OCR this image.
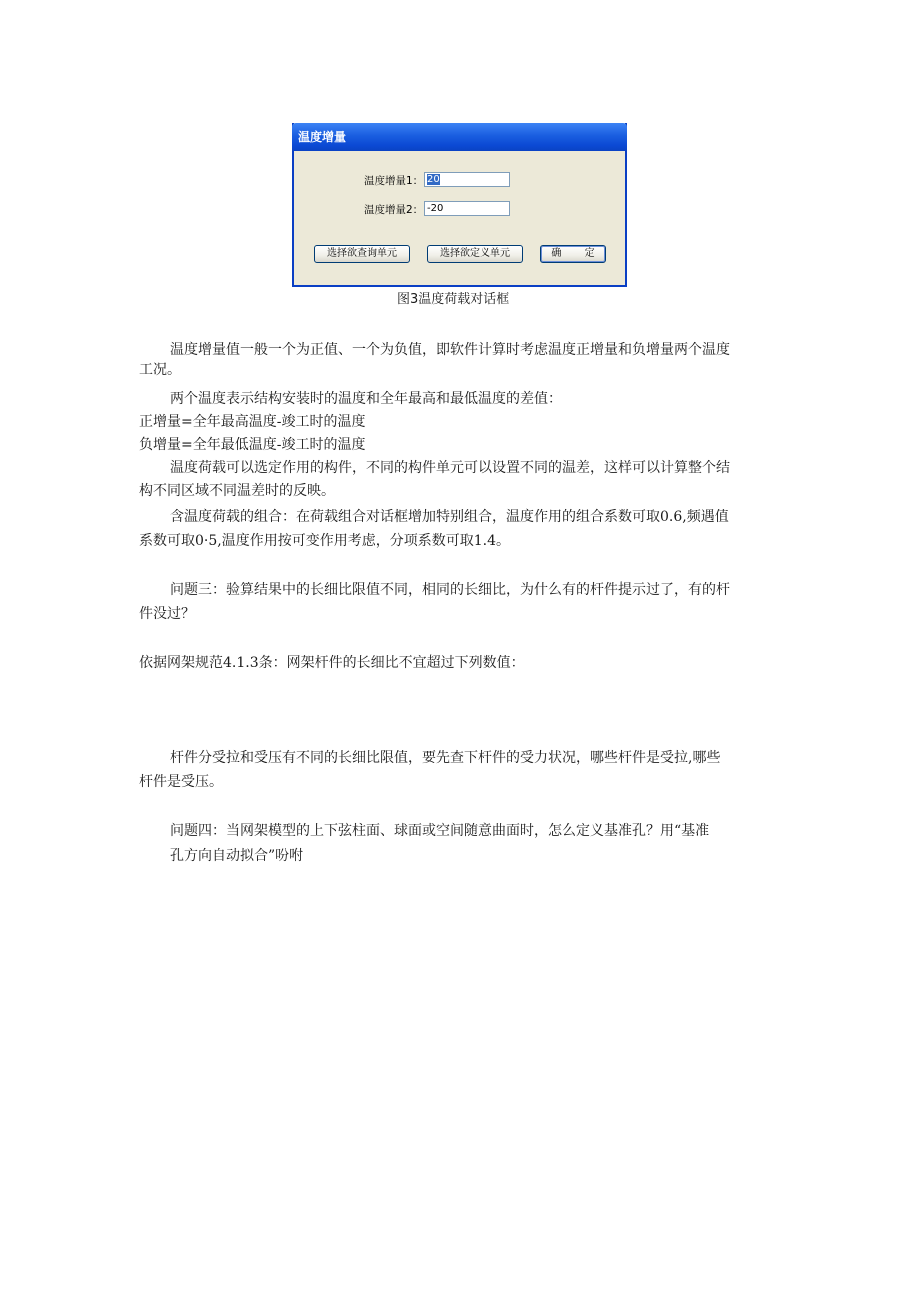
温度增量
温度增量1： 20
温度增量2： -20
选择欲查询单元	选择欲定义单元	确 定
图3温度荷载对话框

温度增量值一般一个为正值、一个为负值，即软件计算时考虑温度正增量和负增量两个温度

工况。

两个温度表示结构安装时的温度和全年最高和最低温度的差值：

正增量=全年最高温度-竣工时的温度

负增量=全年最低温度-竣工时的温度

温度荷载可以选定作用的构件，不同的构件单元可以设置不同的温差，这样可以计算整个结

构不同区域不同温差时的反映。

含温度荷载的组合：在荷载组合对话框增加特别组合，温度作用的组合系数可取0.6,频遇值

系数可取0·5,温度作用按可变作用考虑，分项系数可取1.4。

问题三：验算结果中的长细比限值不同，相同的长细比，为什么有的杆件提示过了，有的杆

件没过？

依据网架规范4.1.3条：网架杆件的长细比不宜超过下列数值：

杆件分受拉和受压有不同的长细比限值，要先查下杆件的受力状况，哪些杆件是受拉,哪些

杆件是受压。

问题四：当网架模型的上下弦柱面、球面或空间随意曲面时，怎么定义基准孔？用“基准

孔方向自动拟合”吩咐
